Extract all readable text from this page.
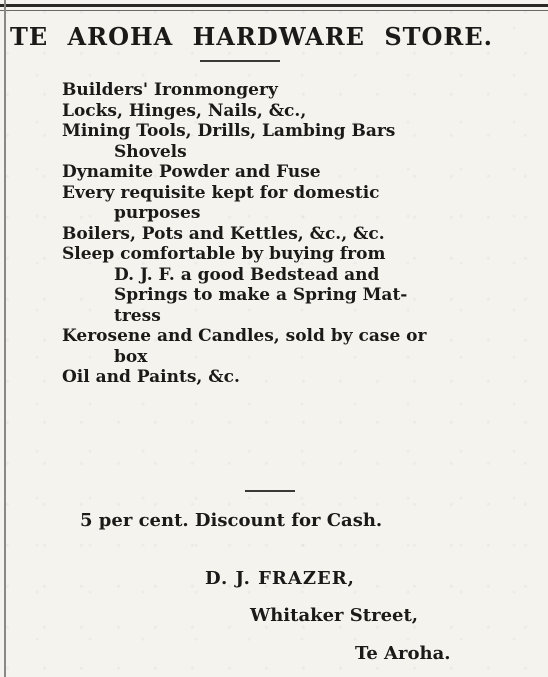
TE AROHA HARDWARE STORE.
Builders' Ironmongery
Locks, Hinges, Nails, &c.,
Mining Tools, Drills, Lambing Bars
Shovels
Dynamite Powder and Fuse
Every requisite kept for domestic
purposes
Boilers, Pots and Kettles, &c., &c.
Sleep comfortable by buying from
D. J. F. a good Bedstead and
Springs to make a Spring Mat-
tress
Kerosene and Candles, sold by case or
box
Oil and Paints, &c.
5 per cent. Discount for Cash.
D. J. FRAZER,
Whitaker Street,
Te Aroha.
